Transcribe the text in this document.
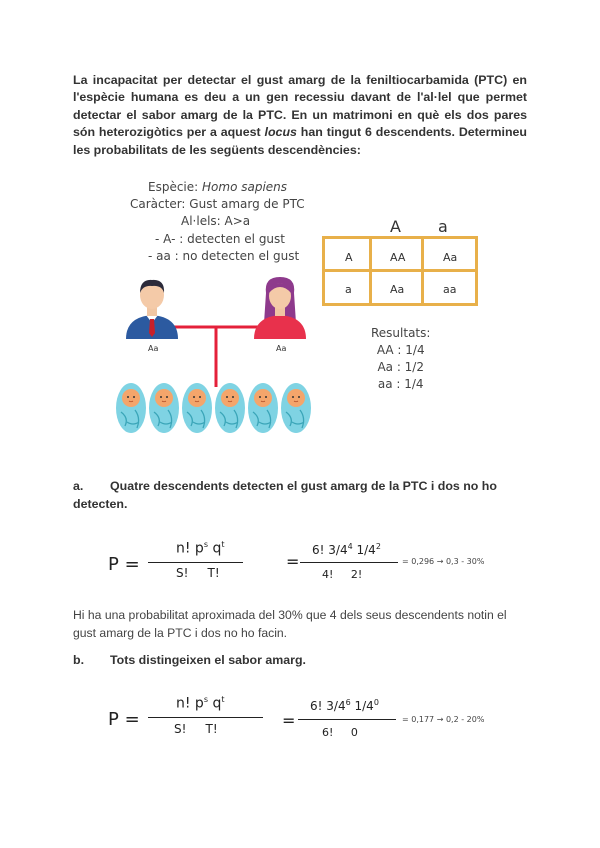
La incapacitat per detectar el gust amarg de la feniltiocarbamida (PTC) en l'espècie humana es deu a un gen recessiu davant de l'al·lel que permet detectar el sabor amarg de la PTC. En un matrimoni en què els dos pares són heterozigòtics per a aquest locus han tingut 6 descendents. Determineu les probabilitats de les següents descendències:
Espècie: Homo sapiens
Caràcter: Gust amarg de PTC
Al·lels: A>a
- A- : detecten el gust
- aa : no detecten el gust
Aa	Aa
A a
A	AA	Aa
a	Aa	aa
Resultats:
AA : 1/4
Aa : 1/2
aa : 1/4
a. Quatre descendents detecten el gust amarg de la PTC i dos no ho
detecten.
P =
n! $p^s$ $q^t$
S!     T!
=
6! $3/4^4$ $1/4^2$
4!     2!
= 0,296 → 0,3 - 30%
Hi ha una probabilitat aproximada del 30% que 4 dels seus descendents notin el gust amarg de la PTC i dos no ho facin.
b. Tots distingeixen el sabor amarg.
P =
n! $p^s$ $q^t$
S!     T!	=
6! $3/4^6$ $1/4^0$
6!     0
= 0,177 → 0,2 - 20%
